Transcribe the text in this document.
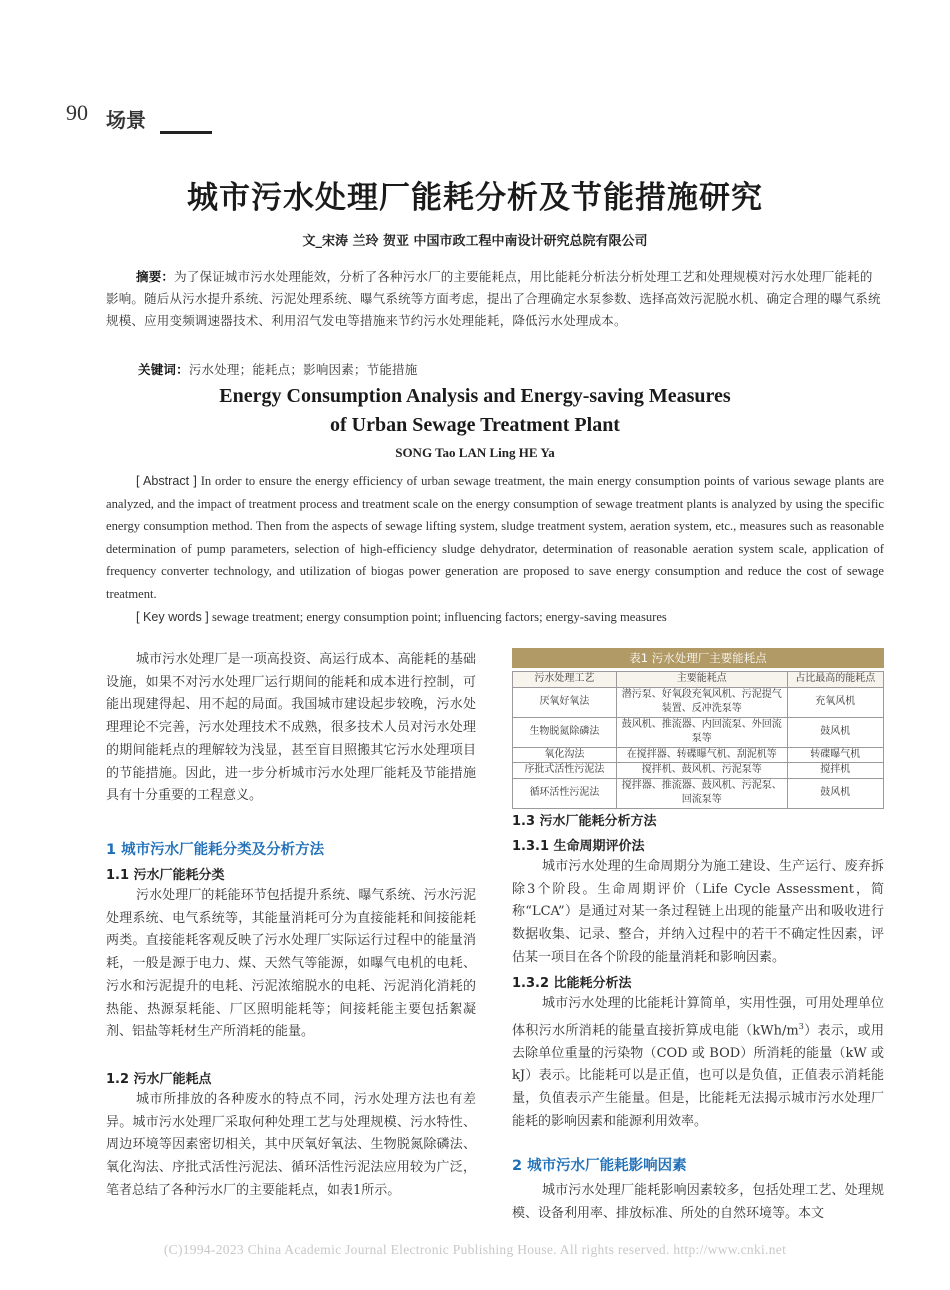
90 场景
城市污水处理厂能耗分析及节能措施研究
文_宋涛 兰玲 贺亚 中国市政工程中南设计研究总院有限公司
摘要：为了保证城市污水处理能效，分析了各种污水厂的主要能耗点，用比能耗分析法分析处理工艺和处理规模对污水处理厂能耗的影响。随后从污水提升系统、污泥处理系统、曝气系统等方面考虑，提出了合理确定水泵参数、选择高效污泥脱水机、确定合理的曝气系统规模、应用变频调速器技术、利用沼气发电等措施来节约污水处理能耗，降低污水处理成本。
关键词：污水处理；能耗点；影响因素；节能措施
Energy Consumption Analysis and Energy-saving Measures
of Urban Sewage Treatment Plant
SONG Tao LAN Ling HE Ya
[ Abstract ] In order to ensure the energy efficiency of urban sewage treatment, the main energy consumption points of various sewage plants are analyzed, and the impact of treatment process and treatment scale on the energy consumption of sewage treatment plants is analyzed by using the specific energy consumption method. Then from the aspects of sewage lifting system, sludge treatment system, aeration system, etc., measures such as reasonable determination of pump parameters, selection of high-efficiency sludge dehydrator, determination of reasonable aeration system scale, application of frequency converter technology, and utilization of biogas power generation are proposed to save energy consumption and reduce the cost of sewage treatment.
[ Key words ] sewage treatment; energy consumption point; influencing factors; energy-saving measures

城市污水处理厂是一项高投资、高运行成本、高能耗的基础设施，如果不对污水处理厂运行期间的能耗和成本进行控制，可能出现建得起、用不起的局面。我国城市建设起步较晚，污水处理理论不完善，污水处理技术不成熟，很多技术人员对污水处理的期间能耗点的理解较为浅显，甚至盲目照搬其它污水处理项目的节能措施。因此，进一步分析城市污水处理厂能耗及节能措施具有十分重要的工程意义。

1 城市污水厂能耗分类及分析方法
1.1 污水厂能耗分类

污水处理厂的耗能环节包括提升系统、曝气系统、污水污泥处理系统、电气系统等，其能量消耗可分为直接能耗和间接能耗两类。直接能耗客观反映了污水处理厂实际运行过程中的能量消耗，一般是源于电力、煤、天然气等能源，如曝气电机的电耗、污水和污泥提升的电耗、污泥浓缩脱水的电耗、污泥消化消耗的热能、热源泵耗能、厂区照明能耗等；间接耗能主要包括絮凝剂、铝盐等耗材生产所消耗的能量。

1.2 污水厂能耗点

城市所排放的各种废水的特点不同，污水处理方法也有差异。城市污水处理厂采取何种处理工艺与处理规模、污水特性、周边环境等因素密切相关，其中厌氧好氧法、生物脱氮除磷法、氧化沟法、序批式活性污泥法、循环活性污泥法应用较为广泛，笔者总结了各种污水厂的主要能耗点，如表1所示。

表1 污水处理厂主要能耗点
污水处理工艺	主要能耗点	占比最高的能耗点
厌氧好氧法	潜污泵、好氧段充氧风机、污泥提气装置、反冲洗泵等	充氧风机
生物脱氮除磷法	鼓风机、推流器、内回流泵、外回流泵等	鼓风机
氧化沟法	在搅拌器、转碟曝气机、刮泥机等	转碟曝气机
序批式活性污泥法	搅拌机、鼓风机、污泥泵等	搅拌机
循环活性污泥法	搅拌器、推流器、鼓风机、污泥泵、回流泵等	鼓风机
1.3 污水厂能耗分析方法
1.3.1 生命周期评价法

城市污水处理的生命周期分为施工建设、生产运行、废弃拆除3个阶段。生命周期评价（Life Cycle Assessment，简称“LCA”）是通过对某一条过程链上出现的能量产出和吸收进行数据收集、记录、整合，并纳入过程中的若干不确定性因素，评估某一项目在各个阶段的能量消耗和影响因素。

1.3.2 比能耗分析法

城市污水处理的比能耗计算简单，实用性强，可用处理单位体积污水所消耗的能量直接折算成电能$(kWh/m^3)$表示，或用去除单位重量的污染物（COD 或 BOD）所消耗的能量（kW 或 kJ）表示。比能耗可以是正值，也可以是负值，正值表示消耗能量，负值表示产生能量。但是，比能耗无法揭示城市污水处理厂能耗的影响因素和能源利用效率。

2 城市污水厂能耗影响因素

城市污水处理厂能耗影响因素较多，包括处理工艺、处理规模、设备利用率、排放标准、所处的自然环境等。本文

(C)1994-2023 China Academic Journal Electronic Publishing House. All rights reserved. http://www.cnki.net
